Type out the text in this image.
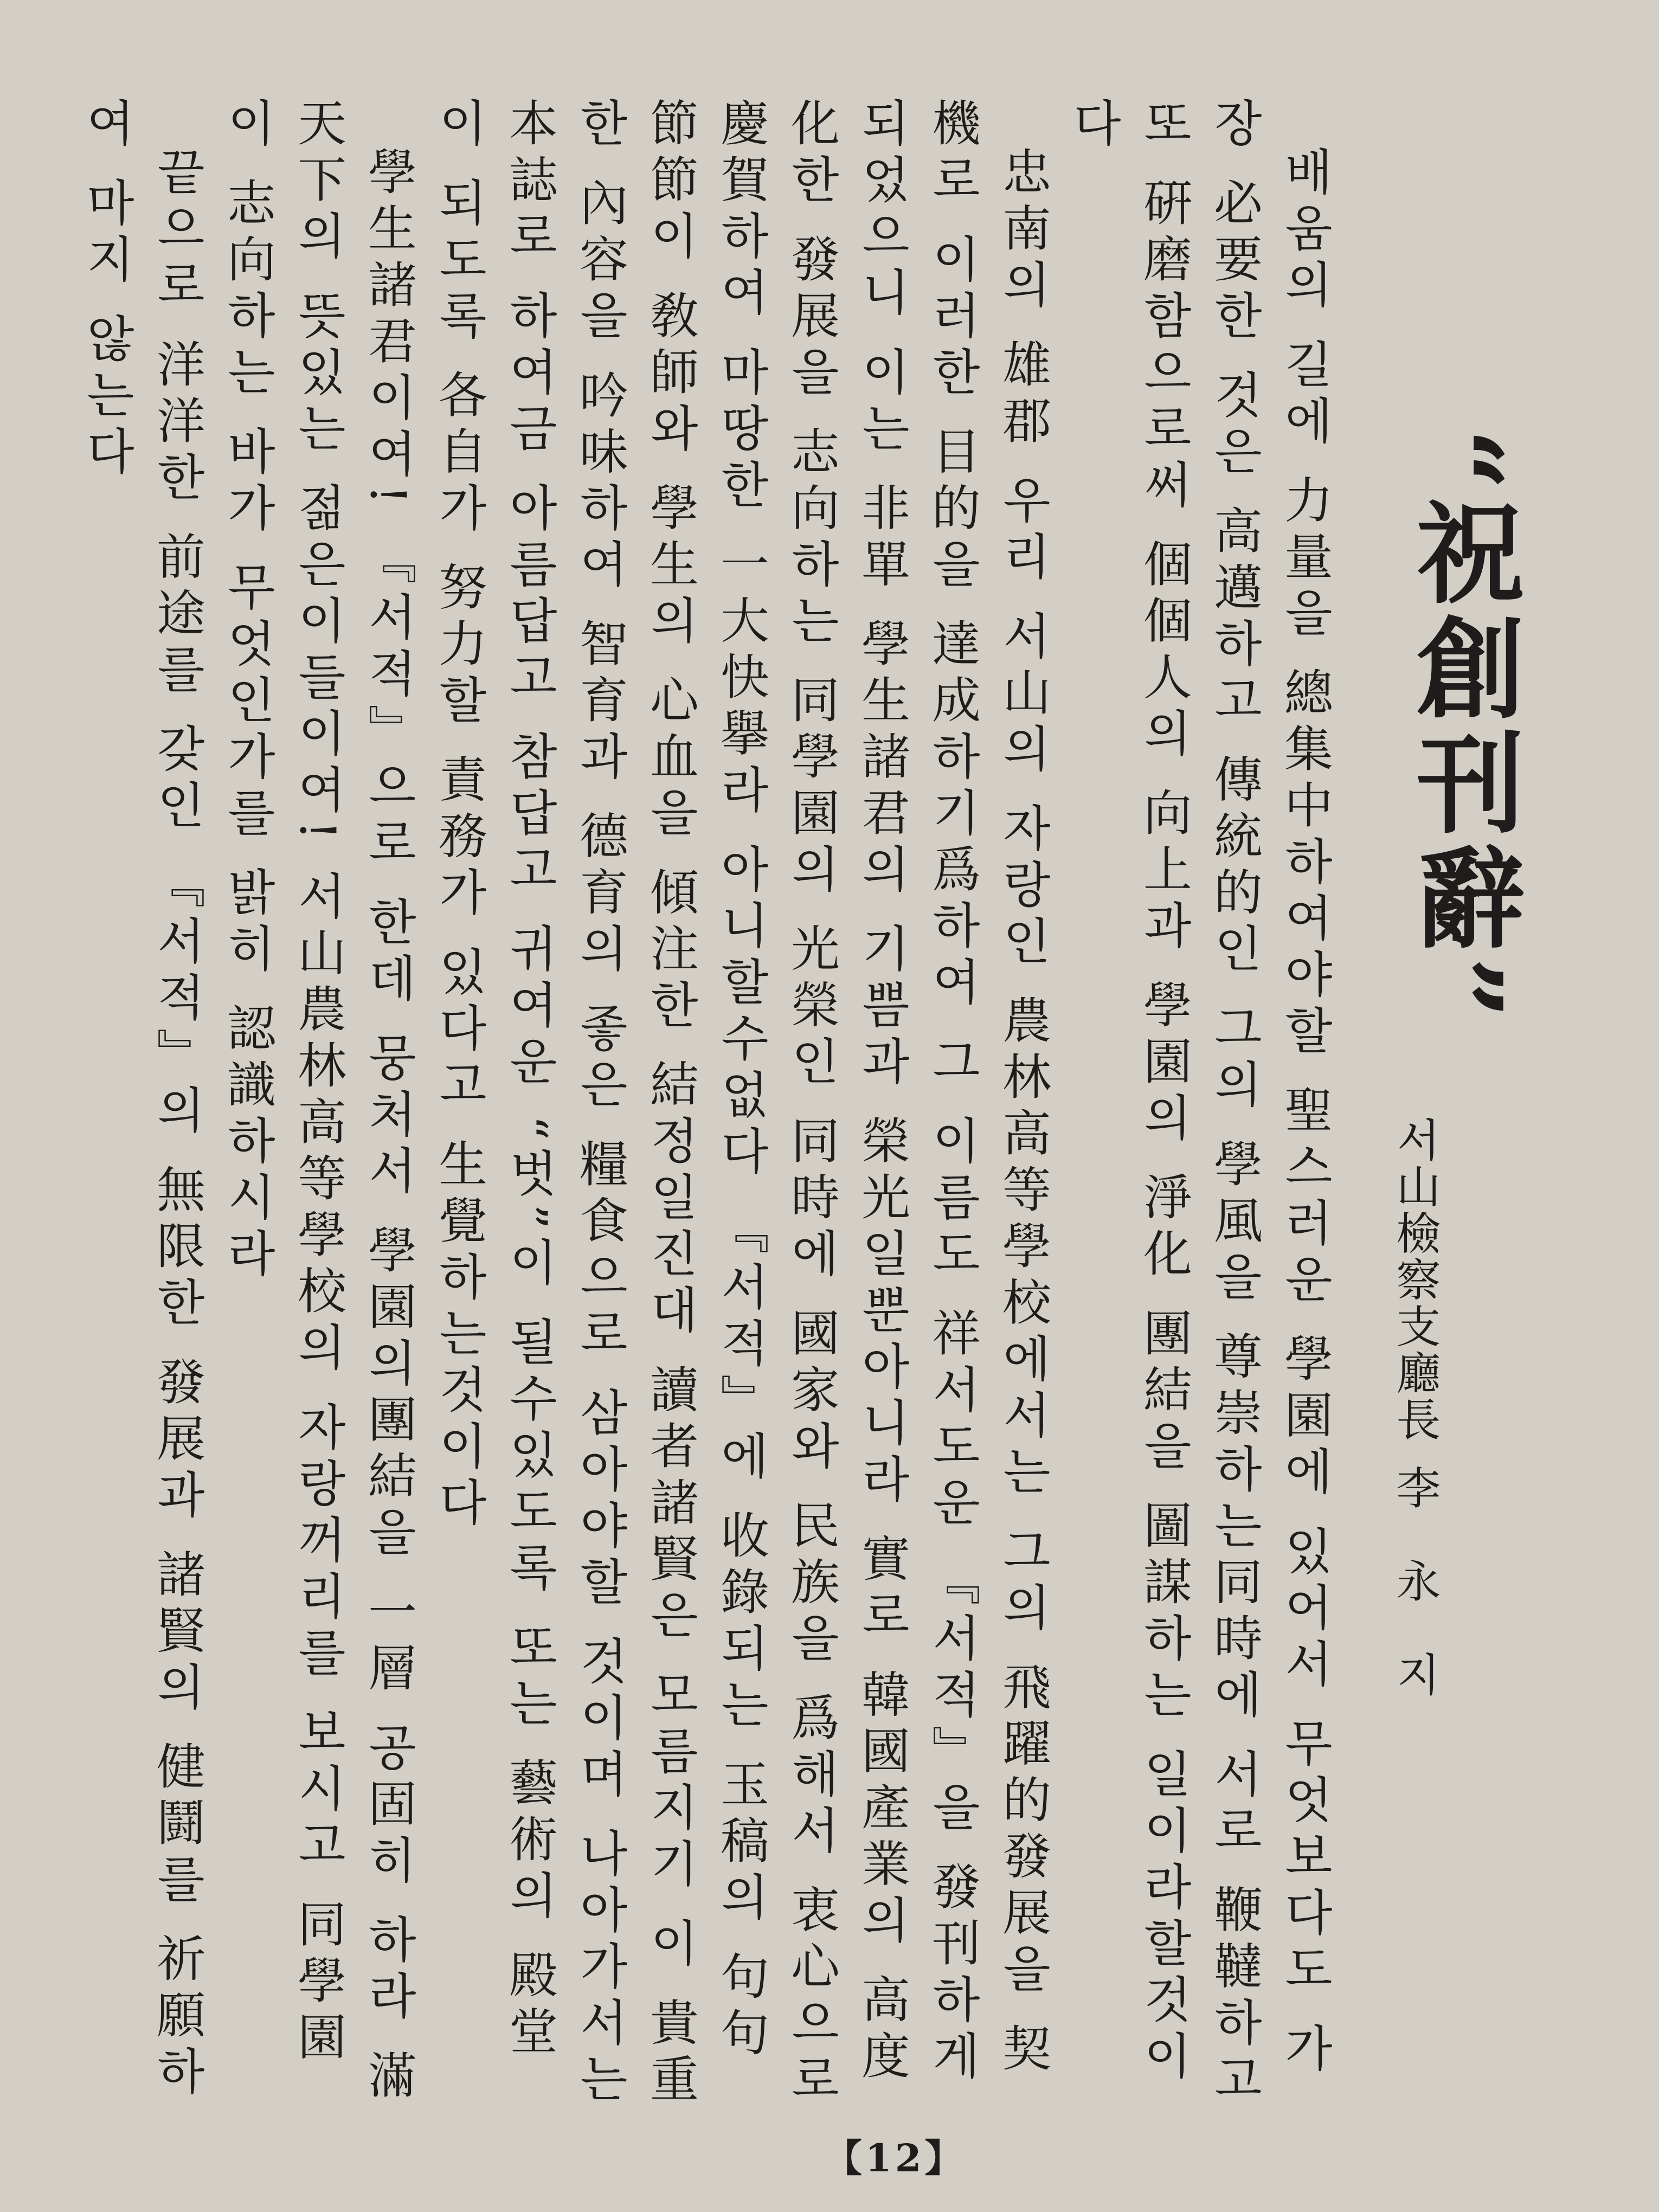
“祝創刊辭”
서山檢察支廳長李　永　지

배움의 길에 力量을 總集中하여야할 聖스러운 學園에 있어서 무엇보다도 가장 必要한 것은 高邁하고 傳統的인 그의 學風을 尊崇하는同時에 서로 鞭韃하고 또 硏磨함으로써 個個人의 向上과 學園의 淨化 團結을 圖謀하는 일이라할것이다

忠南의 雄郡 우리 서山의 자랑인 農林高等學校에서는 그의 飛躍的發展을 契機로 이러한 目的을 達成하기爲하여 그 이름도 祥서도운 『서적』을 發刊하게되었으니 이는 非單 學生諸君의 기쁨과 榮光일뿐아니라 實로 韓國產業의 高度化한 發展을 志向하는 同學園의 光榮인 同時에 國家와 民族을 爲해서 衷心으로 慶賀하여 마땅한 一大快擧라 아니할수없다 『서적』에 收錄되는 玉稿의 句句節節이 敎師와 學生의 心血을 傾注한 結정일진대 讀者諸賢은 모름지기 이 貴重한 內容을 吟味하여 智育과 德育의 좋은 糧食으로 삼아야할 것이며 나아가서는 本誌로 하여금 아름답고 참답고 귀여운 “벗”이 될수있도록 또는 藝術의 殿堂이 되도록 各自가 努力할 責務가 있다고 生覺하는것이다

學生諸君이여! 『서적』으로 한데 뭉처서 學園의團結을 一層 공固히 하라 滿天下의 뜻있는 젊은이들이여! 서山農林高等學校의 자랑꺼리를 보시고 同學園이 志向하는 바가 무엇인가를 밝히 認識하시라

끝으로 洋洋한 前途를 갖인 『서적』의 無限한 發展과 諸賢의 健鬪를 祈願하여 마지 않는다

【12】
